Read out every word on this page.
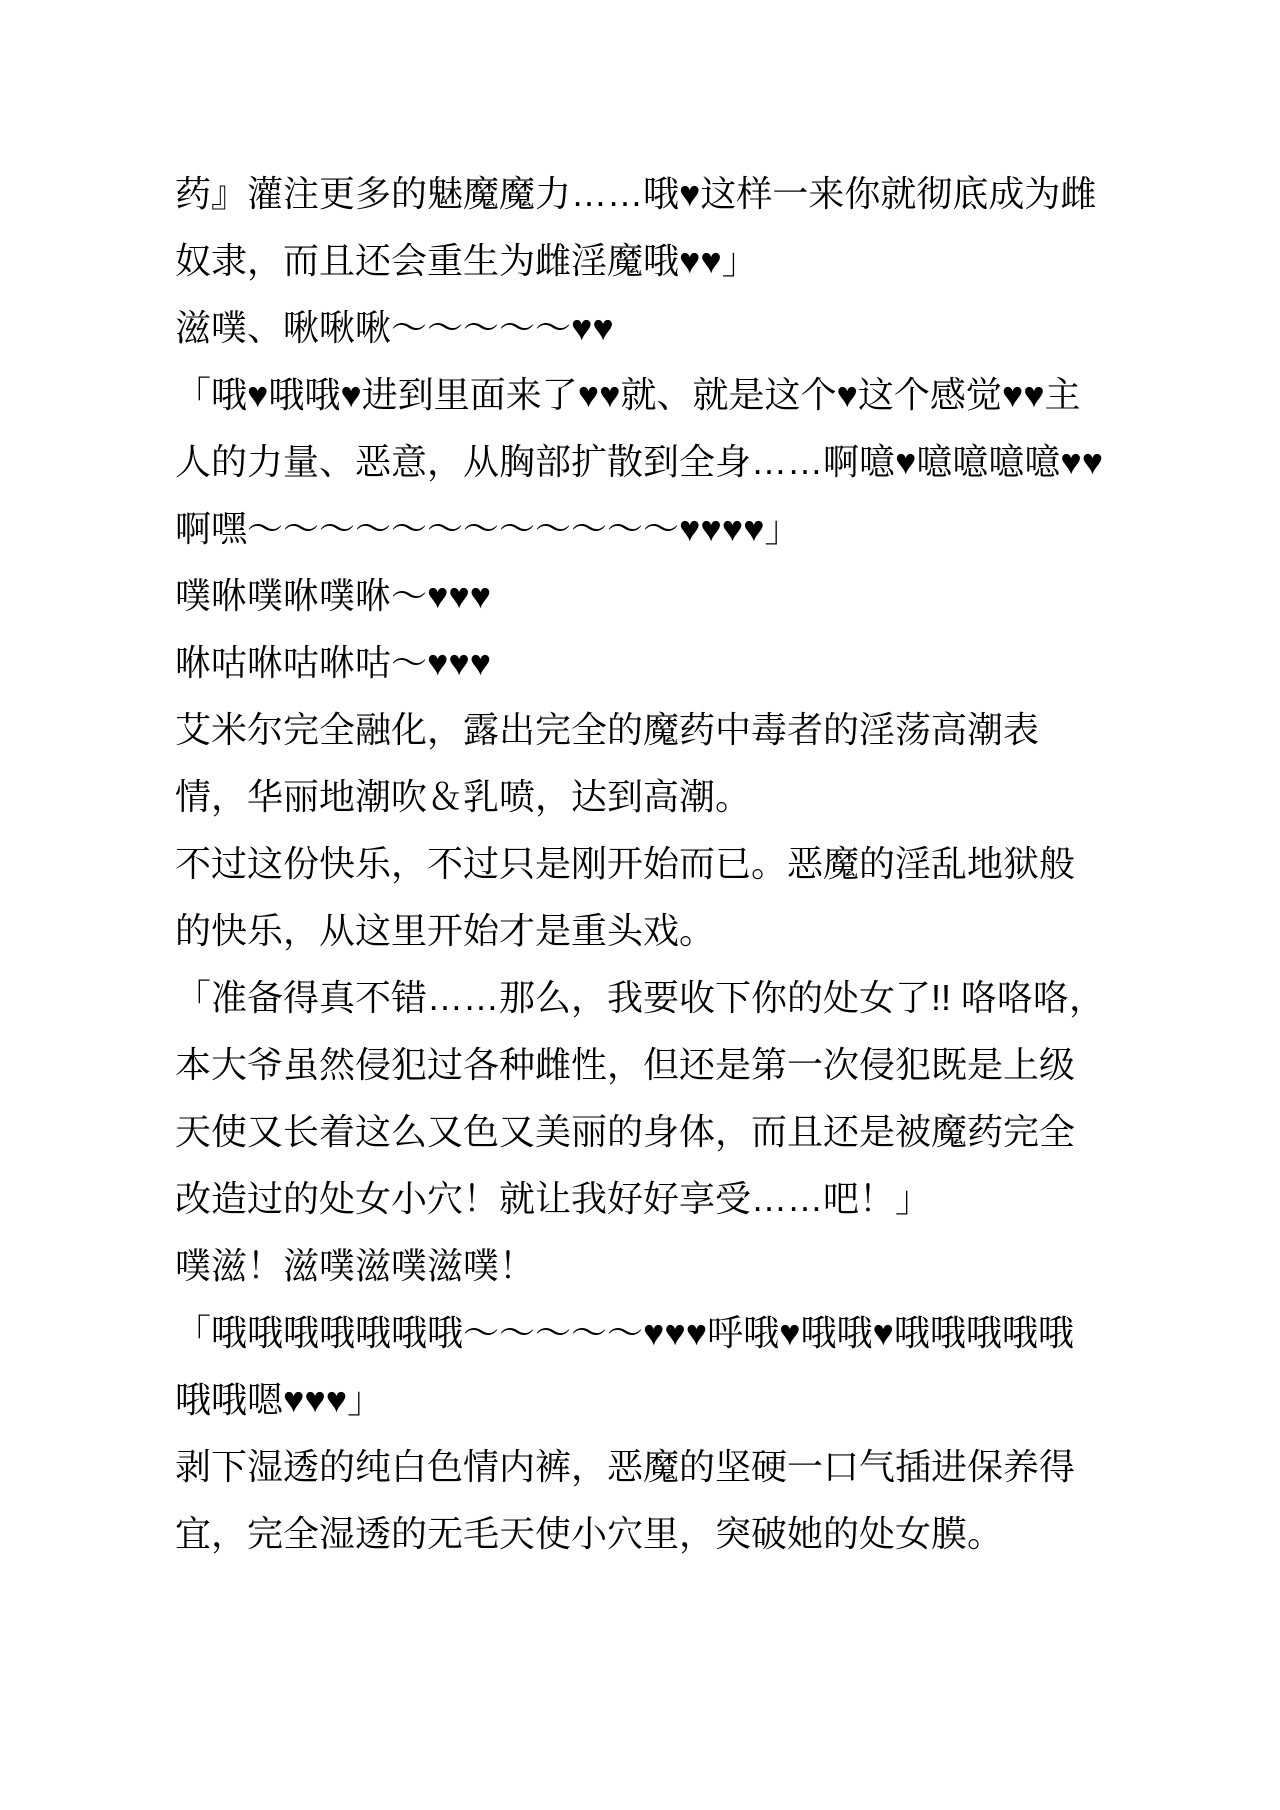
药』灌注更多的魅魔魔力……哦♥这样一来你就彻底成为雌
奴隶，而且还会重生为雌淫魔哦♥♥」
滋噗、啾啾啾～～～～～♥♥
「哦♥哦哦♥进到里面来了♥♥就、就是这个♥这个感觉♥♥主
人的力量、恶意，从胸部扩散到全身……啊噫♥噫噫噫噫♥♥
啊嘿～～～～～～～～～～～～♥♥♥♥」
噗咻噗咻噗咻～♥♥♥
咻咕咻咕咻咕～♥♥♥
艾米尔完全融化，露出完全的魔药中毒者的淫荡高潮表
情，华丽地潮吹＆乳喷，达到高潮。
不过这份快乐，不过只是刚开始而已。恶魔的淫乱地狱般
的快乐，从这里开始才是重头戏。
「准备得真不错……那么，我要收下你的处女了!! 咯咯咯，
本大爷虽然侵犯过各种雌性，但还是第一次侵犯既是上级
天使又长着这么又色又美丽的身体，而且还是被魔药完全
改造过的处女小穴！就让我好好享受……吧！」
噗滋！滋噗滋噗滋噗！
「哦哦哦哦哦哦哦～～～～～♥♥♥呼哦♥哦哦♥哦哦哦哦哦
哦哦嗯♥♥♥」
剥下湿透的纯白色情内裤，恶魔的坚硬一口气插进保养得
宜，完全湿透的无毛天使小穴里，突破她的处女膜。
